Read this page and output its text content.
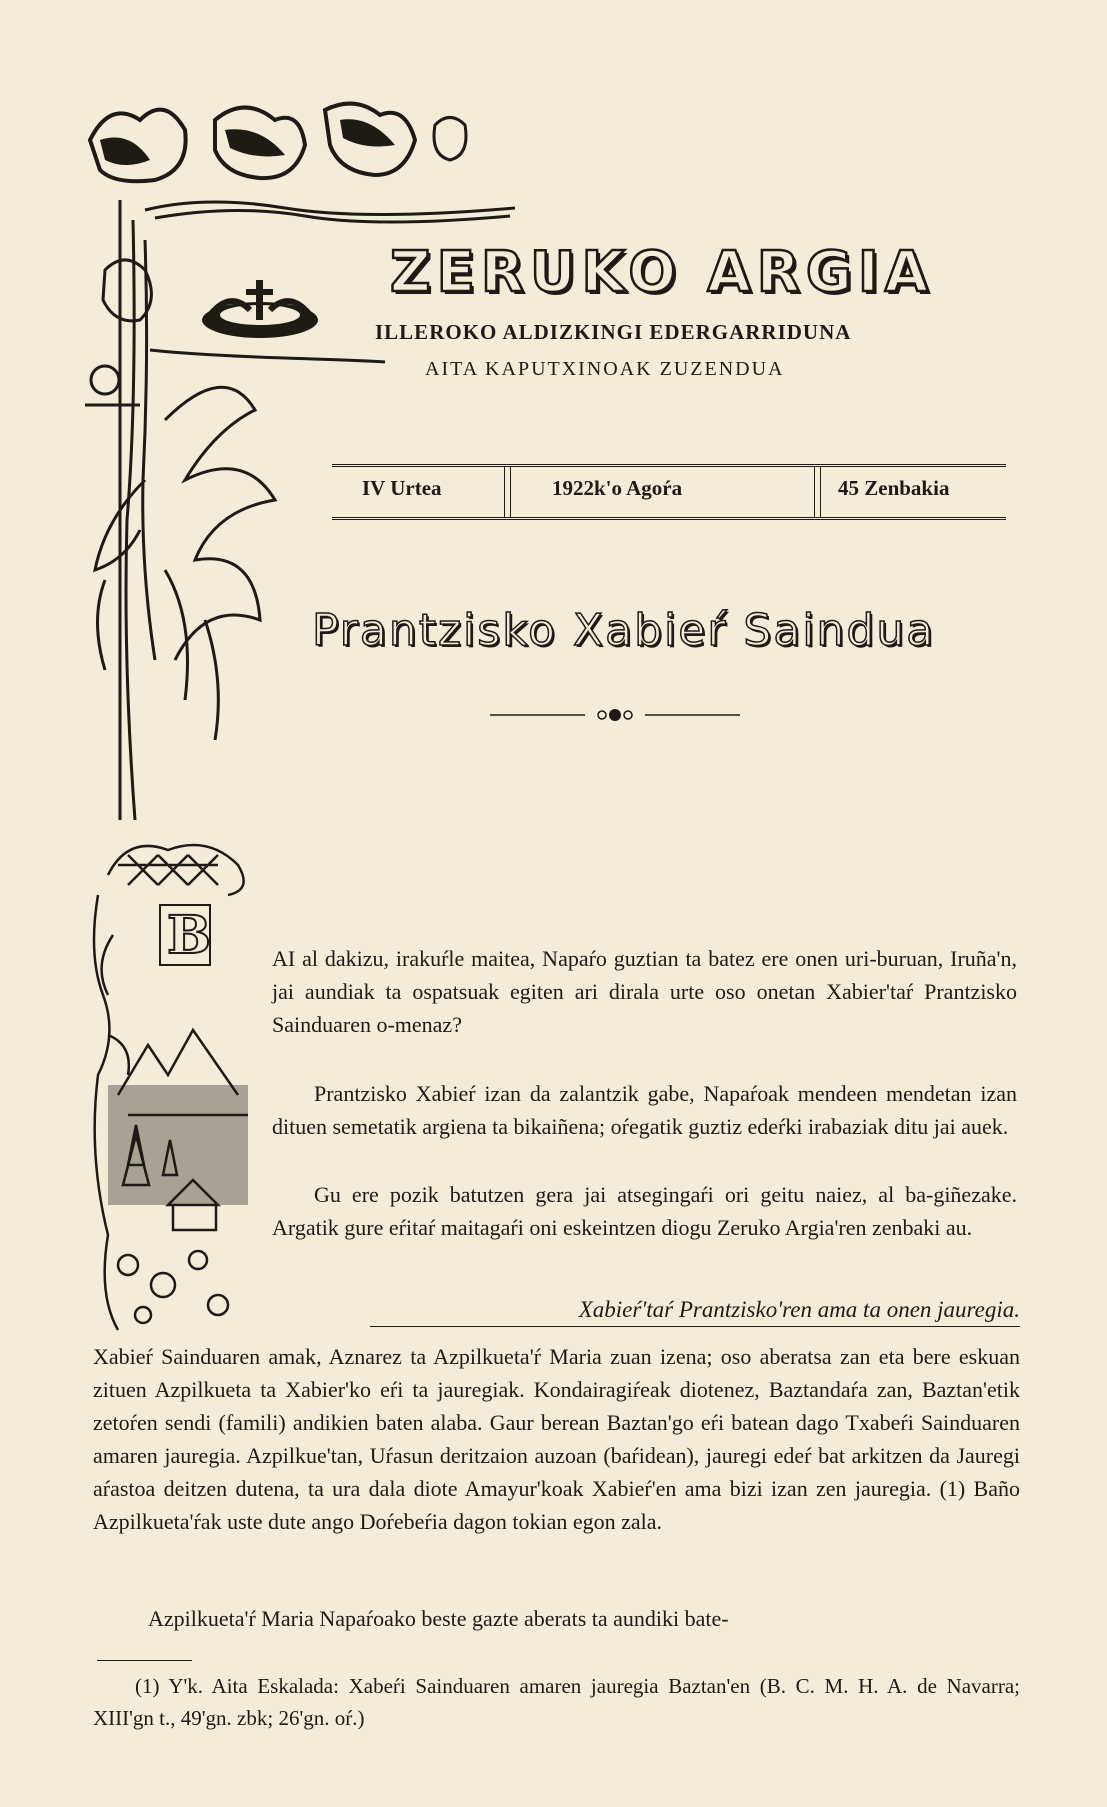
ZERUKO ARGIA
ILLEROKO ALDIZKINGI EDERGARRIDUNA
AITA KAPUTXINOAK ZUZENDUA
IV Urtea	1922k'o Agoŕa	45 Zenbakia
Prantzisko Xabieŕ Saindua
B	AI al dakizu, irakuŕle maitea, Napaŕo guztian ta batez ere onen uri-buruan, Iruña'n, jai aundiak ta ospatsuak egiten ari dirala urte oso onetan Xabier'taŕ Prantzisko Sainduaren o-menaz?
Prantzisko Xabieŕ izan da zalantzik gabe, Napaŕoak mendeen mendetan izan dituen semetatik argiena ta bikaiñena; oŕegatik guztiz edeŕki irabaziak ditu jai auek.
Gu ere pozik batutzen gera jai atsegingaŕi ori geitu naiez, al ba-giñezake. Argatik gure eŕitaŕ maitagaŕi oni eskeintzen diogu Zeruko Argia'ren zenbaki au.
Xabieŕ'taŕ Prantzisko'ren ama ta onen jauregia.
Xabieŕ Sainduaren amak, Aznarez ta Azpilkueta'ŕ Maria zuan izena; oso aberatsa zan eta bere eskuan zituen Azpilkueta ta Xabier'ko eŕi ta jauregiak. Kondairagiŕeak diotenez, Baztandaŕa zan, Baztan'etik zetoŕen sendi (famili) andikien baten alaba. Gaur berean Baztan'go eŕi batean dago Txabeŕi Sainduaren amaren jauregia. Azpilkue'tan, Uŕasun deritzaion auzoan (baŕidean), jauregi edeŕ bat arkitzen da Jauregi aŕastoa deitzen dutena, ta ura dala diote Amayur'koak Xabieŕ'en ama bizi izan zen jauregia. (1) Baño Azpilkueta'ŕak uste dute ango Doŕebeŕia dagon tokian egon zala.
Azpilkueta'ŕ Maria Napaŕoako beste gazte aberats ta aundiki bate-
(1) Y'k. Aita Eskalada: Xabeŕi Sainduaren amaren jauregia Baztan'en (B. C. M. H. A. de Navarra; XIII'gn t., 49'gn. zbk; 26'gn. oŕ.)
